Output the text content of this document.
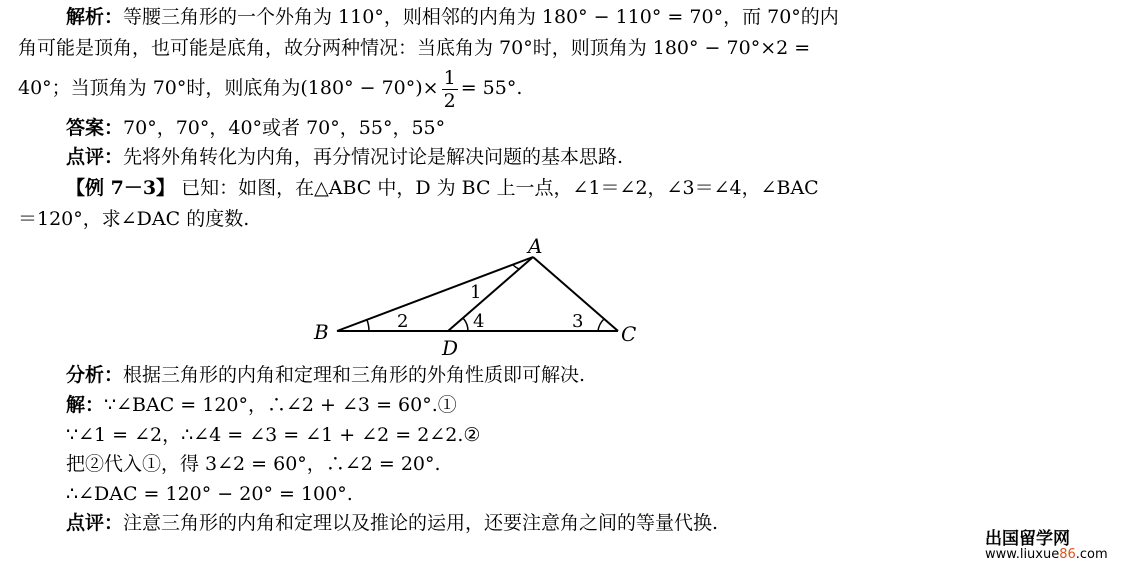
解析：等腰三角形的一个外角为 110°，则相邻的内角为 180° − 110° = 70°，而 70°的内
角可能是顶角，也可能是底角，故分两种情况：当底角为 70°时，则顶角为 180° − 70°×2 =
40°；当顶角为 70°时，则底角为$(180^\circ - 70^\circ)\times \frac{1}{2} = 55^\circ$.
答案：70°，70°，40°或者 70°，55°，55°
点评：先将外角转化为内角，再分情况讨论是解决问题的基本思路.
【例 7－3】 已知：如图，在△ABC 中，D 为 BC 上一点，∠1＝∠2，∠3＝∠4，∠BAC
＝120°，求∠DAC 的度数.
A
B	C
D
1
2	3
4
分析：根据三角形的内角和定理和三角形的外角性质即可解决.
解：∵∠BAC = 120°，∴∠2 + ∠3 = 60°.①
∵∠1 = ∠2，∴∠4 = ∠3 = ∠1 + ∠2 = 2∠2.②
把②代入①，得 3∠2 = 60°，∴∠2 = 20°.
∴∠DAC = 120° − 20° = 100°.
点评：注意三角形的内角和定理以及推论的运用，还要注意角之间的等量代换.
出国留学网
www.liuxue86.com
